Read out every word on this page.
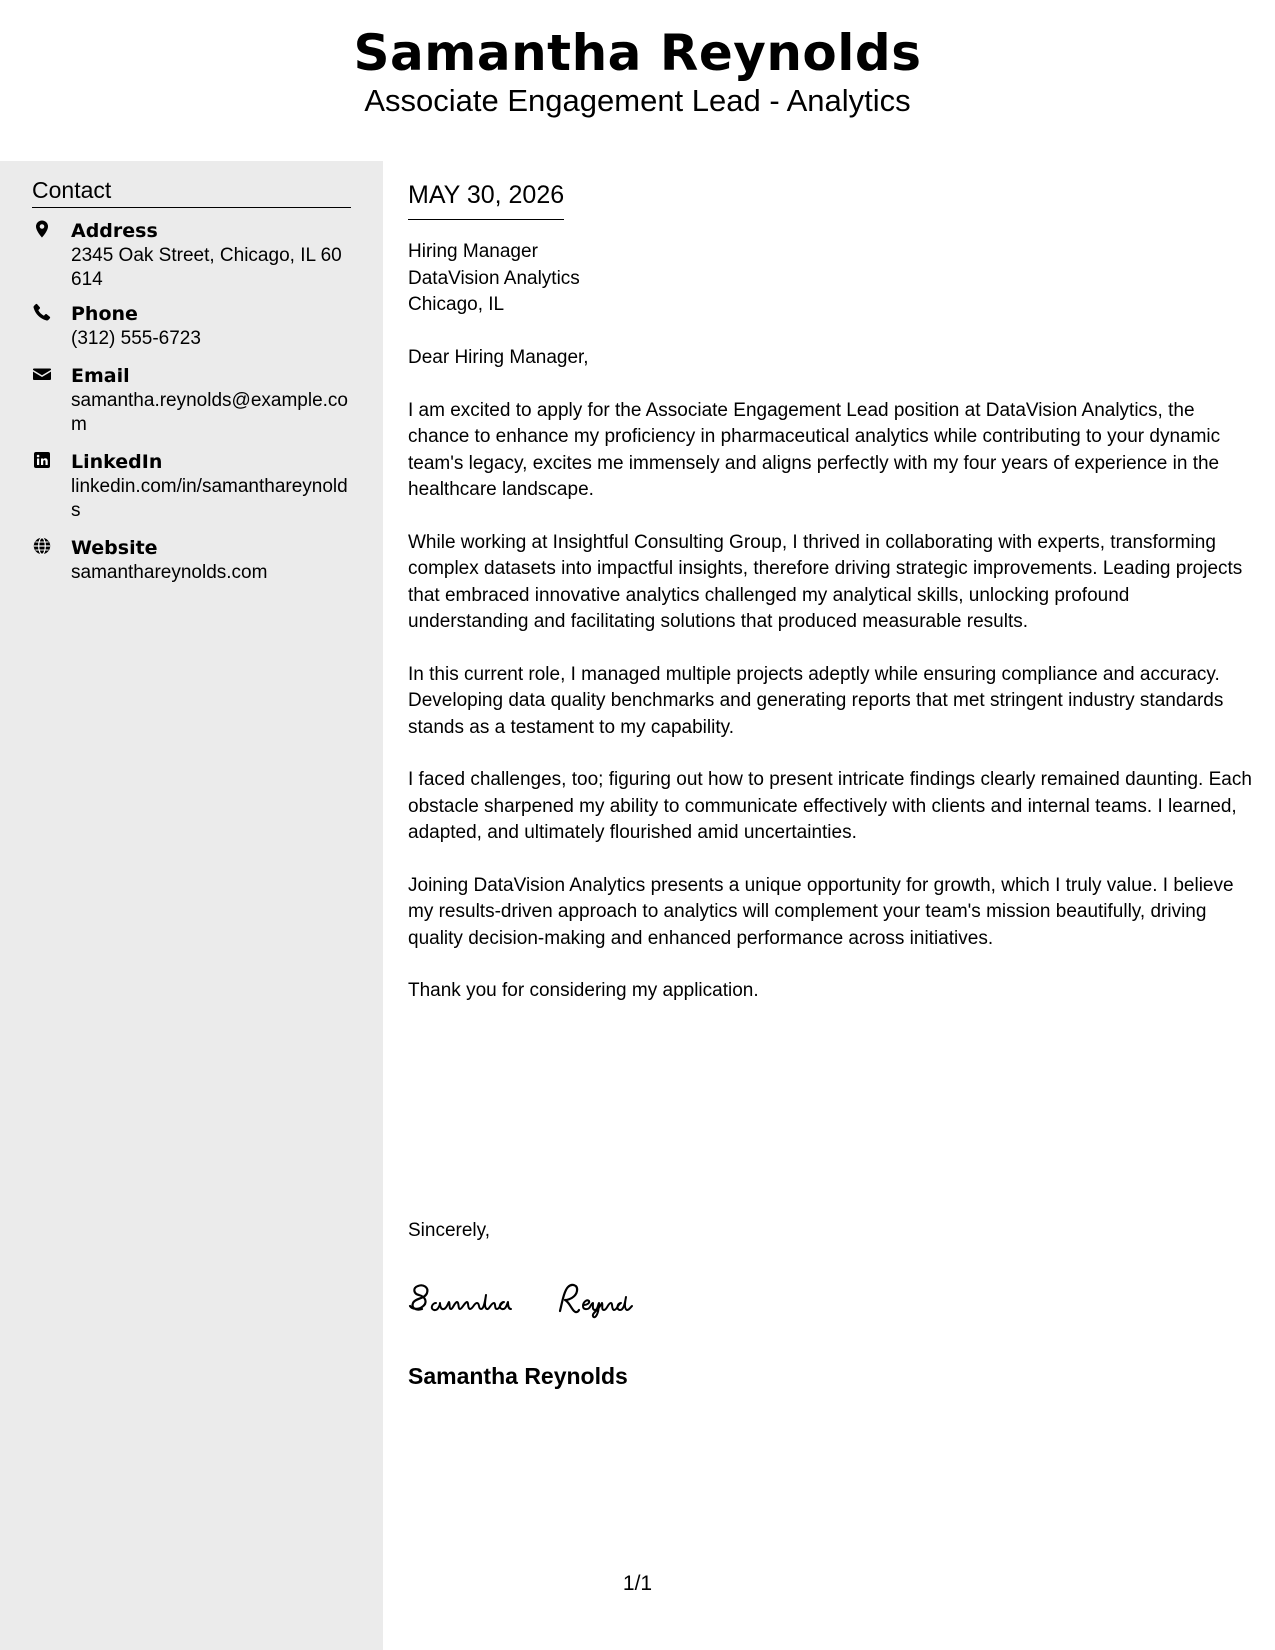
Samantha Reynolds
Associate Engagement Lead - Analytics
Contact
Address
2345 Oak Street, Chicago, IL 60614
Phone
(312) 555-6723
Email
samantha.reynolds@example.com
LinkedIn
linkedin.com/in/samanthareynolds
Website
samanthareynolds.com
MAY 30, 2026
Hiring Manager
DataVision Analytics
Chicago, IL

Dear Hiring Manager,

I am excited to apply for the Associate Engagement Lead position at DataVision Analytics, the chance to enhance my proficiency in pharmaceutical analytics while contributing to your dynamic team's legacy, excites me immensely and aligns perfectly with my four years of experience in the healthcare landscape.

While working at Insightful Consulting Group, I thrived in collaborating with experts, transforming complex datasets into impactful insights, therefore driving strategic improvements. Leading projects that embraced innovative analytics challenged my analytical skills, unlocking profound understanding and facilitating solutions that produced measurable results.

In this current role, I managed multiple projects adeptly while ensuring compliance and accuracy. Developing data quality benchmarks and generating reports that met stringent industry standards stands as a testament to my capability.

I faced challenges, too; figuring out how to present intricate findings clearly remained daunting. Each obstacle sharpened my ability to communicate effectively with clients and internal teams. I learned, adapted, and ultimately flourished amid uncertainties.

Joining DataVision Analytics presents a unique opportunity for growth, which I truly value. I believe my results-driven approach to analytics will complement your team's mission beautifully, driving quality decision-making and enhanced performance across initiatives.

Thank you for considering my application.

Sincerely,
Samantha Reynolds
1/1
